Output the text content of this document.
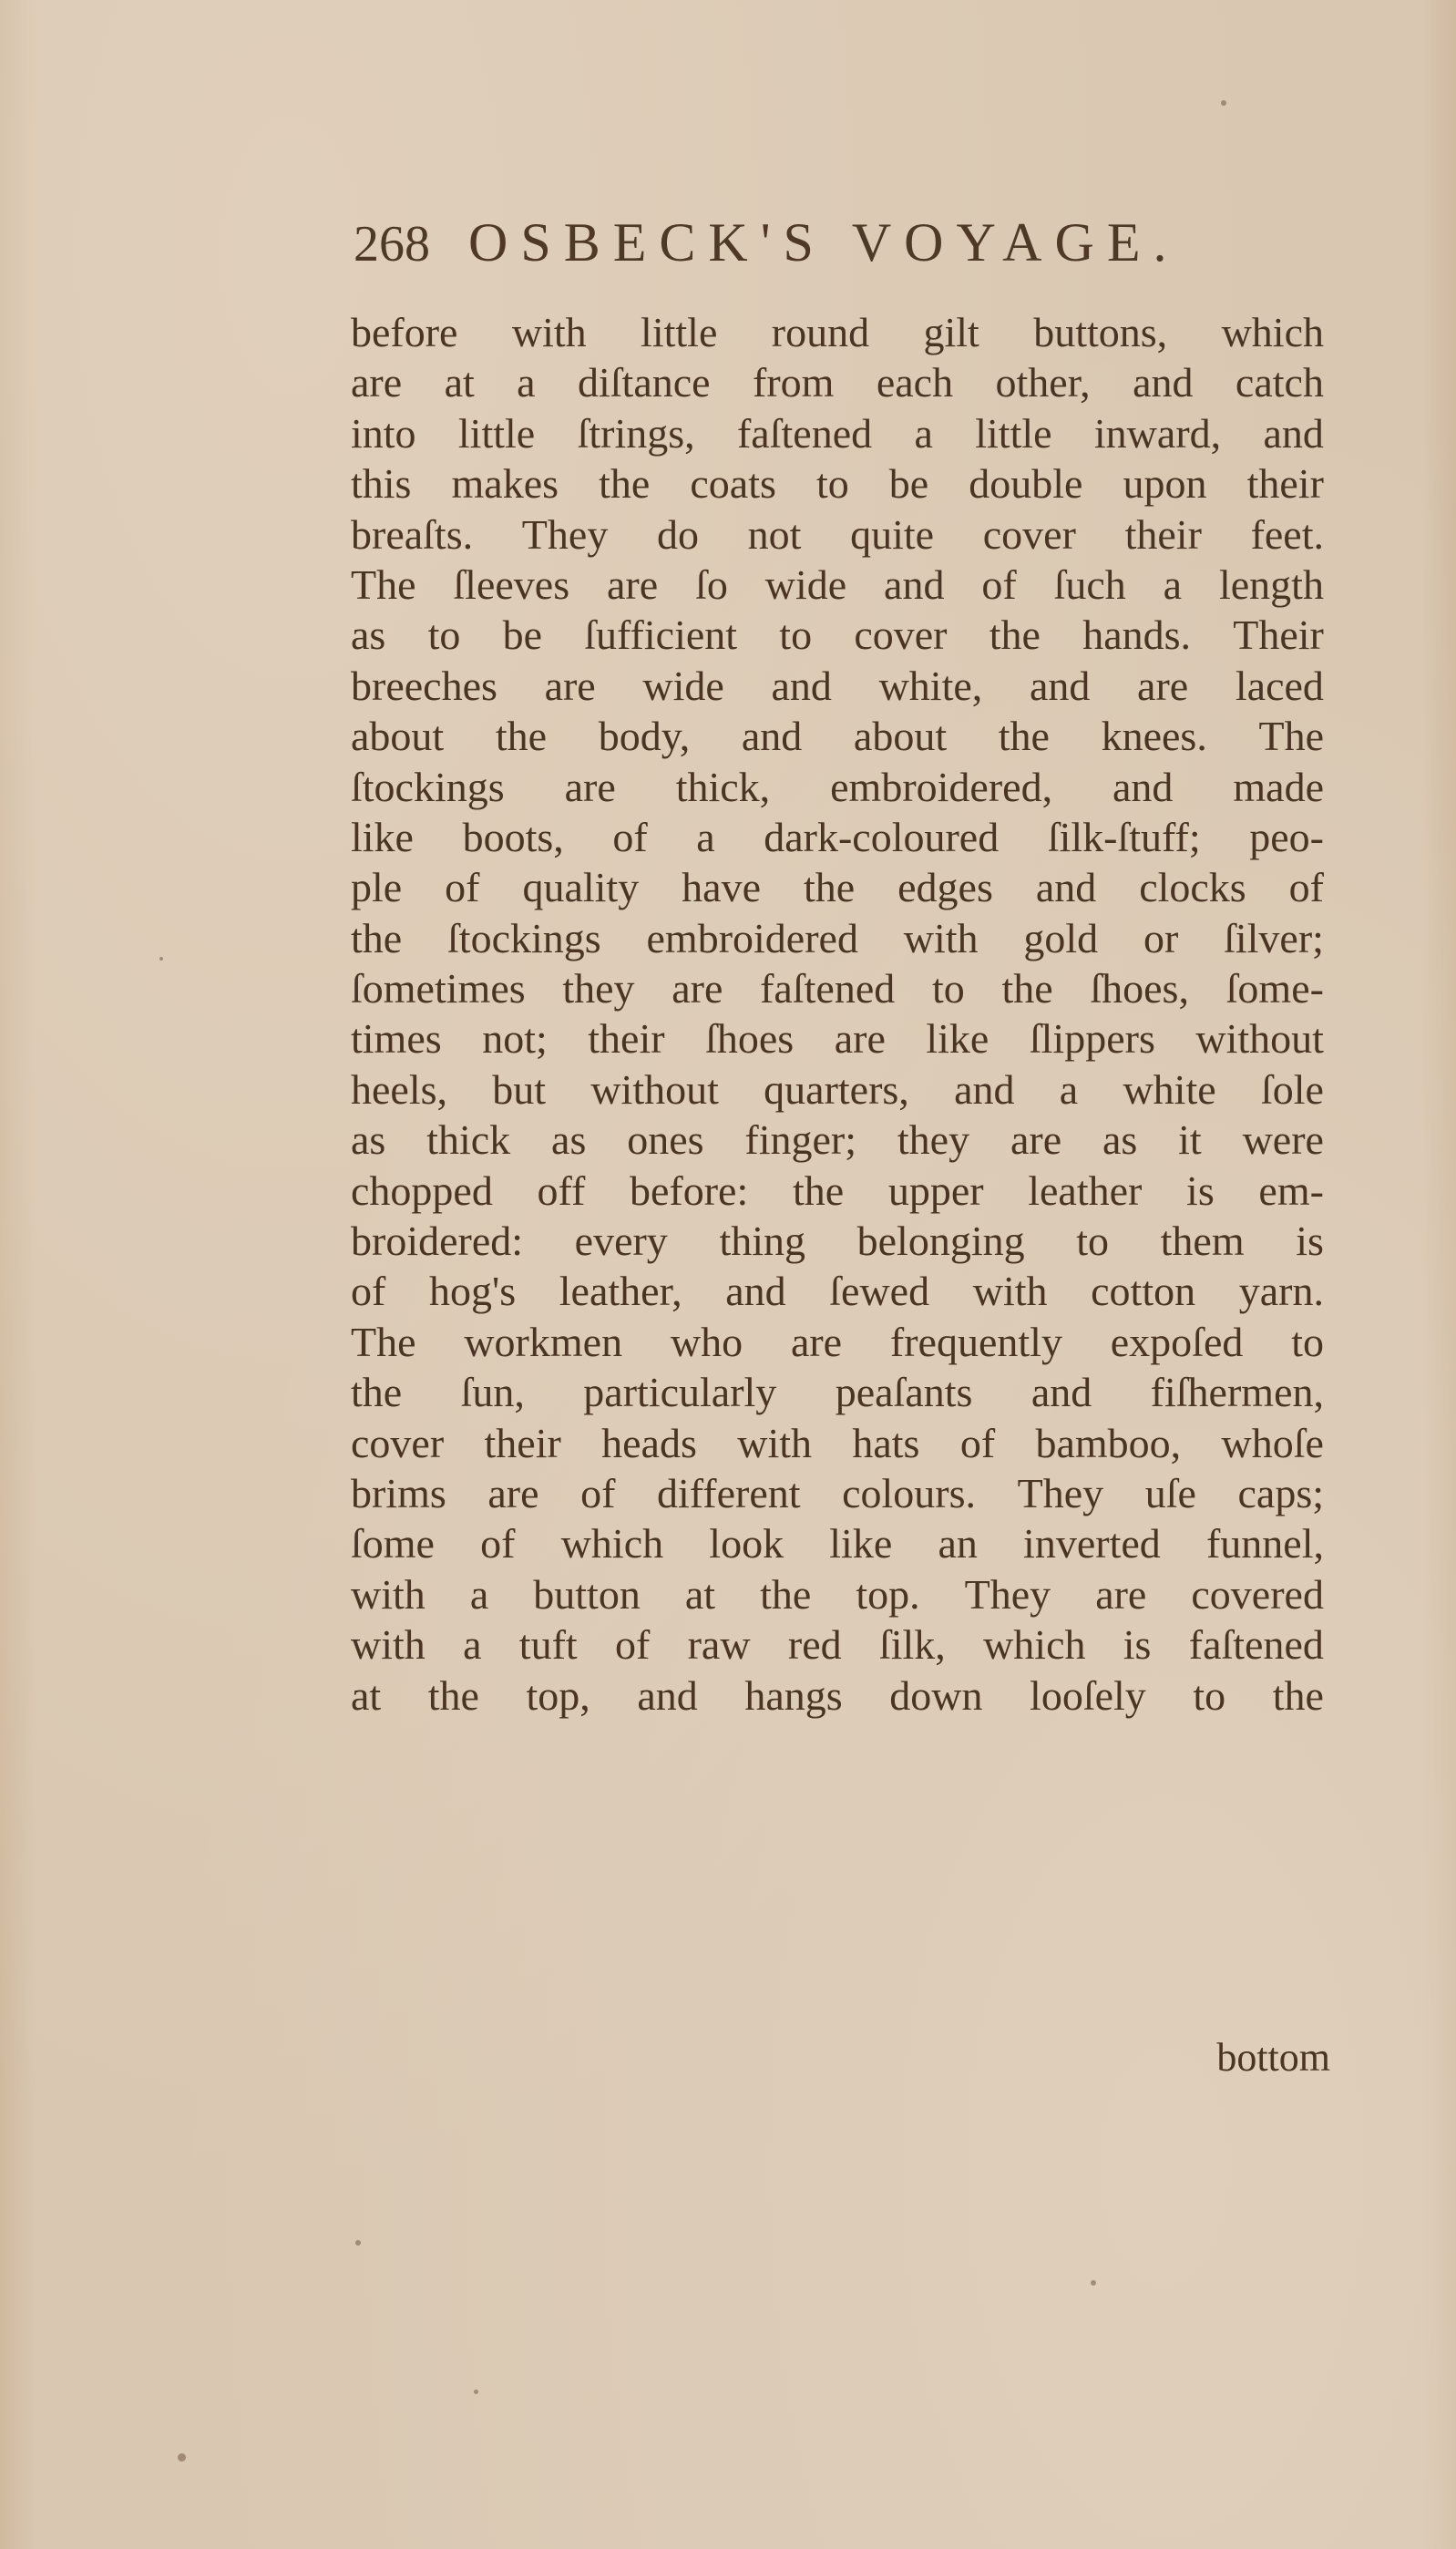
268 OSBECK'S VOYAGE.
before with little round gilt buttons, which
are at a diſtance from each other, and catch
into little ſtrings, faſtened a little inward, and
this makes the coats to be double upon their
breaſts. They do not quite cover their feet.
The ſleeves are ſo wide and of ſuch a length
as to be ſufficient to cover the hands. Their
breeches are wide and white, and are laced
about the body, and about the knees. The
ſtockings are thick, embroidered, and made
like boots, of a dark-coloured ſilk-ſtuff; peo-
ple of quality have the edges and clocks of
the ſtockings embroidered with gold or ſilver;
ſometimes they are faſtened to the ſhoes, ſome-
times not; their ſhoes are like ſlippers without
heels, but without quarters, and a white ſole
as thick as ones finger; they are as it were
chopped off before: the upper leather is em-
broidered: every thing belonging to them is
of hog's leather, and ſewed with cotton yarn.
The workmen who are frequently expoſed to
the ſun, particularly peaſants and fiſhermen,
cover their heads with hats of bamboo, whoſe
brims are of different colours. They uſe caps;
ſome of which look like an inverted funnel,
with a button at the top. They are covered
with a tuft of raw red ſilk, which is faſtened
at the top, and hangs down looſely to the
bottom
